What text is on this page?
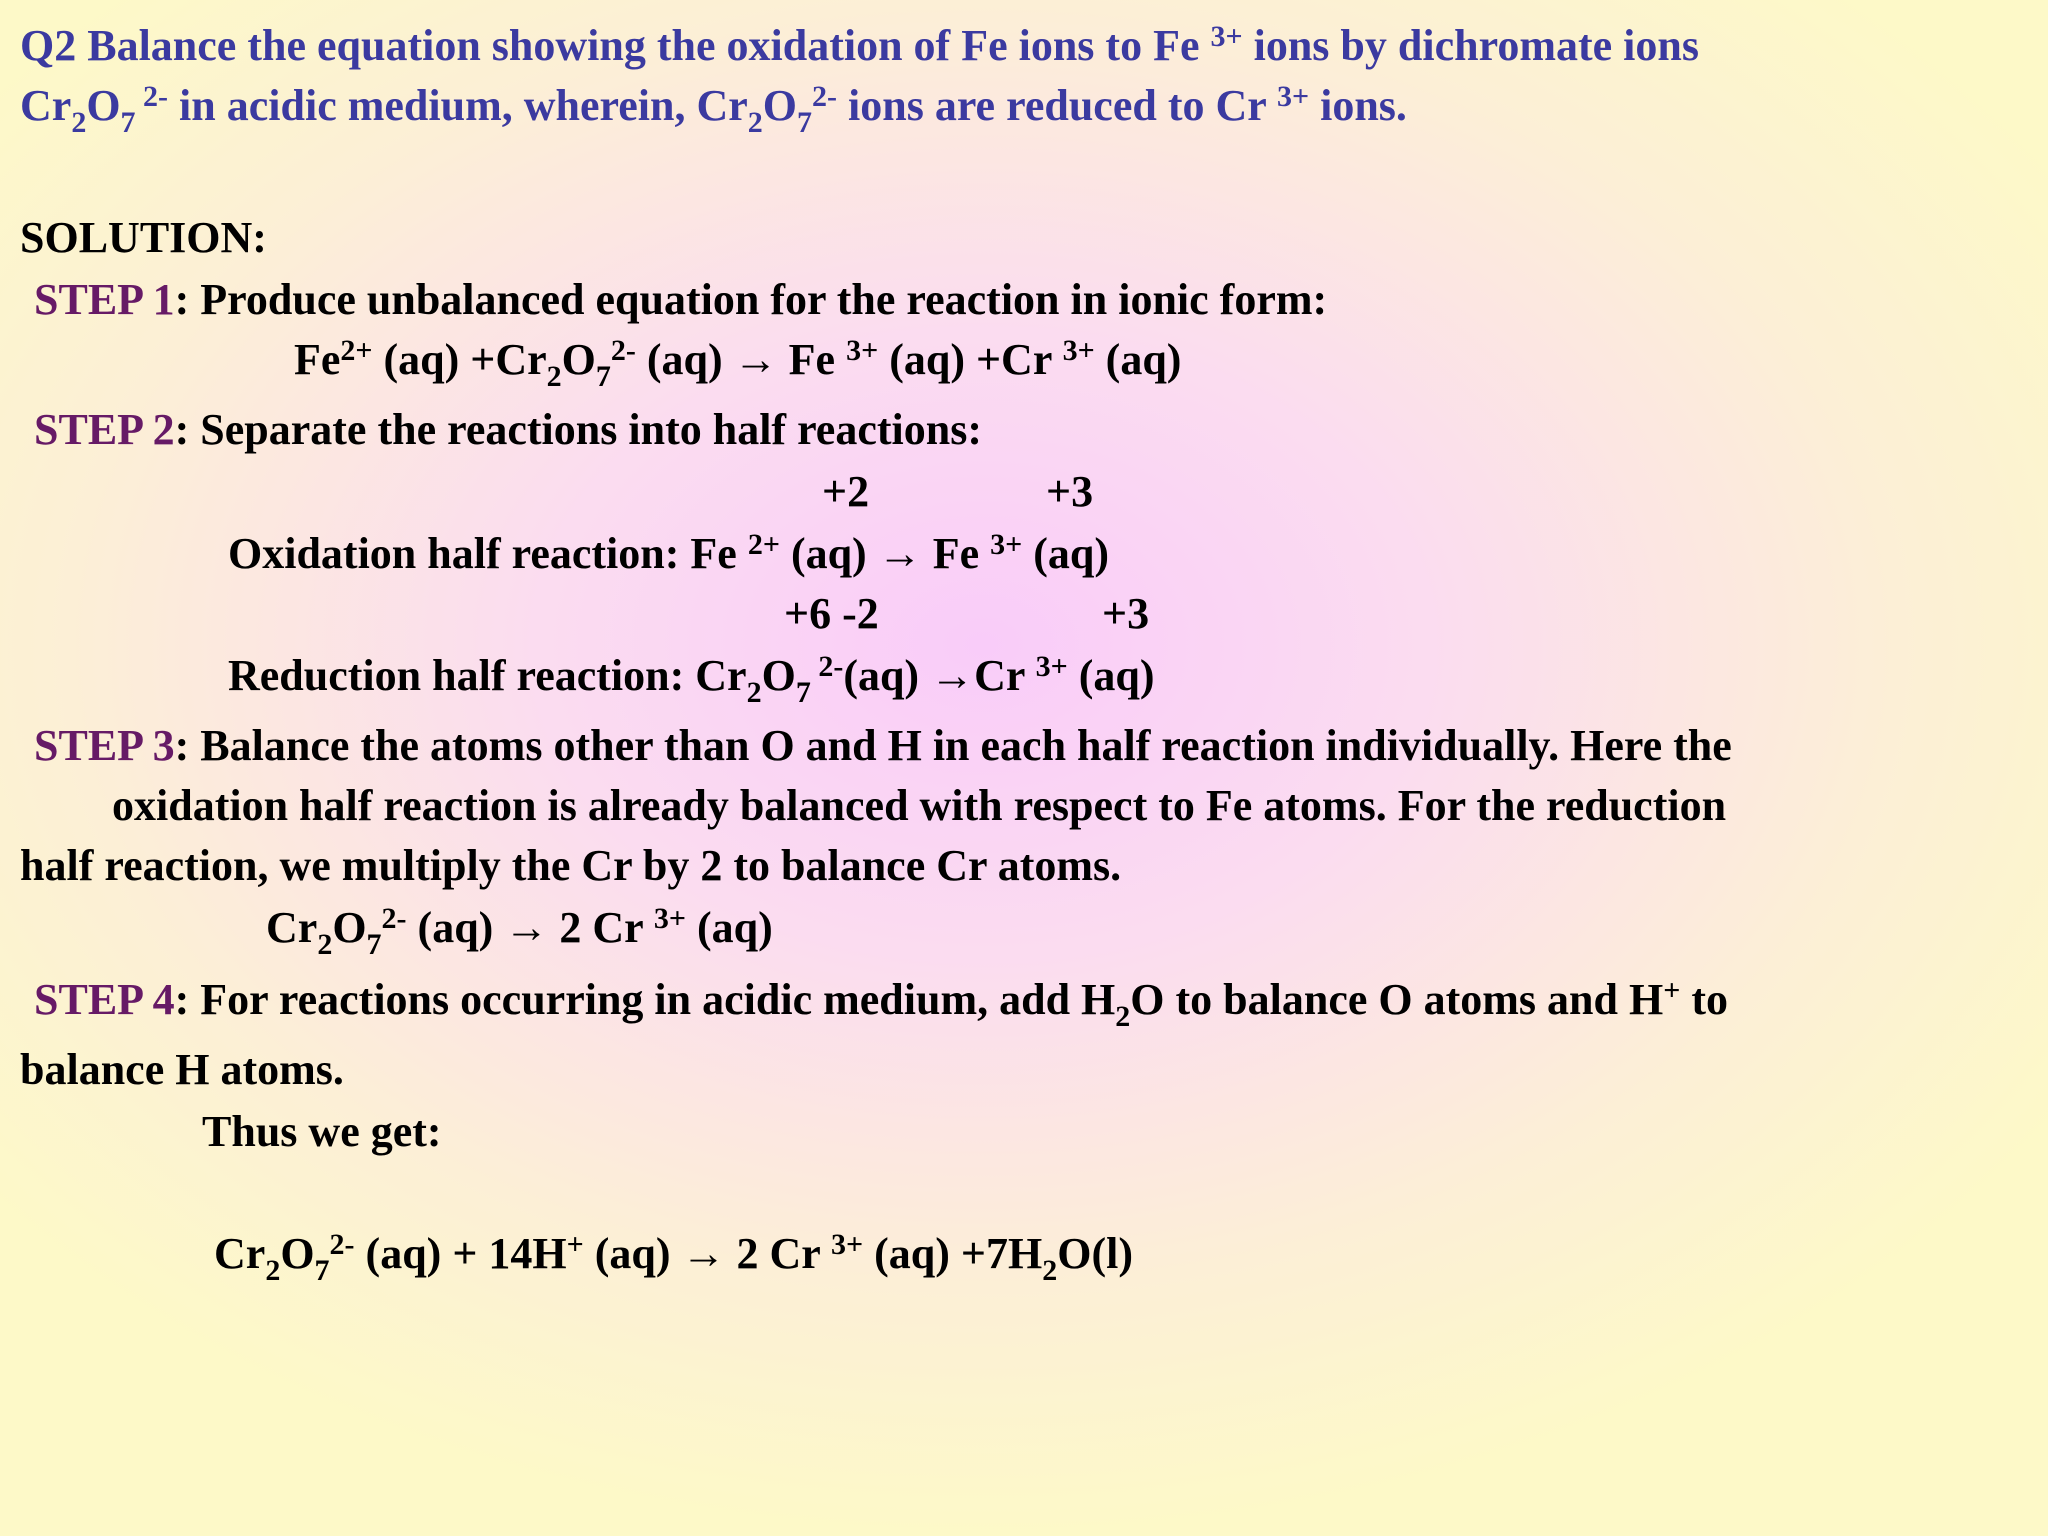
Q2 Balance the equation showing the oxidation of Fe ions to Fe $^{3+}$ ions by dichromate ions

$Cr_2O_7$ $^{2-}$ in acidic medium, wherein, $Cr_2O_7^{2-}$ ions are reduced to Cr $^{3+}$ ions.

SOLUTION:

STEP 1: Produce unbalanced equation for the reaction in ionic form:

$Fe^{2+}$ $(aq) +Cr_2O_7^{2-}$ (aq) → Fe $^{3+}$ (aq) +Cr $^{3+}$ (aq)

STEP 2: Separate the reactions into half reactions:

+2	+3

Oxidation half reaction: Fe $^{2+}$ (aq) → Fe $^{3+}$ (aq)

+6 -2	+3

Reduction half reaction: $Cr_2O_7$ $^{2-}$(aq) →Cr $^{3+}$ (aq)

STEP 3: Balance the atoms other than O and H in each half reaction individually. Here the

oxidation half reaction is already balanced with respect to Fe atoms. For the reduction

half reaction, we multiply the Cr by 2 to balance Cr atoms.

$Cr_2O_7^{2-}$ (aq) → 2 Cr $^{3+}$ (aq)

STEP 4: For reactions occurring in acidic medium, add $H_2O$ to balance O atoms and H+ to

balance H atoms.

Thus we get:

$Cr_2O_7^{2-}$ (aq) + 14H+ (aq) → 2 Cr $^{3+}$ $(aq) +7H_2O(l)$
